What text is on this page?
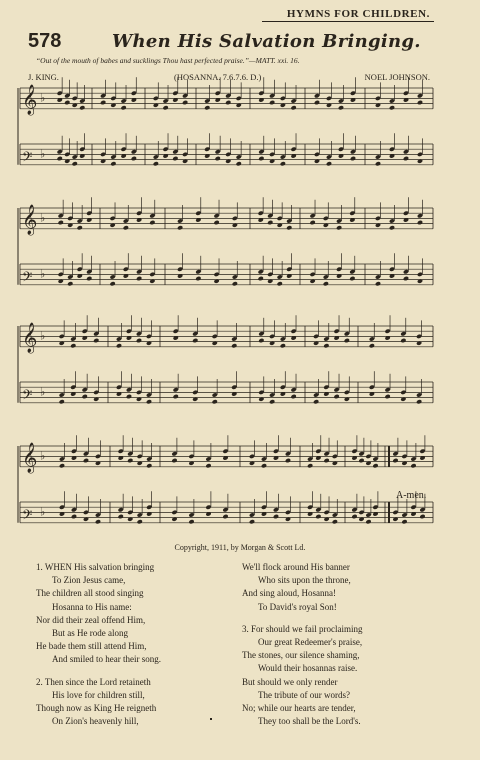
HYMNS FOR CHILDREN.
578	When His Salvation Bringing.
“Out of the mouth of babes and sucklings Thou hast perfected praise.”—MATT. xxi. 16.
J. KING.	(HOSANNA. 7.6.7.6. D.)	NOEL JOHNSON.
𝄞 ♭
𝄢 ♭
𝄞 ♭
𝄢 ♭
𝄞 ♭
𝄢 ♭
𝄞 ♭
𝄢 ♭
A-men.
Copyright, 1911, by Morgan & Scott Ld.
1. WHEN His salvation bringing
To Zion Jesus came,
The children all stood singing
Hosanna to His name:
Nor did their zeal offend Him,
But as He rode along
He bade them still attend Him,
And smiled to hear their song.
2. Then since the Lord retaineth
His love for children still,
Though now as King He reigneth
On Zion's heavenly hill,
We'll flock around His banner
Who sits upon the throne,
And sing aloud, Hosanna!
To David's royal Son!
3. For should we fail proclaiming
Our great Redeemer's praise,
The stones, our silence shaming,
Would their hosannas raise.
But should we only render
The tribute of our words?
No; while our hearts are tender,
They too shall be the Lord's.
